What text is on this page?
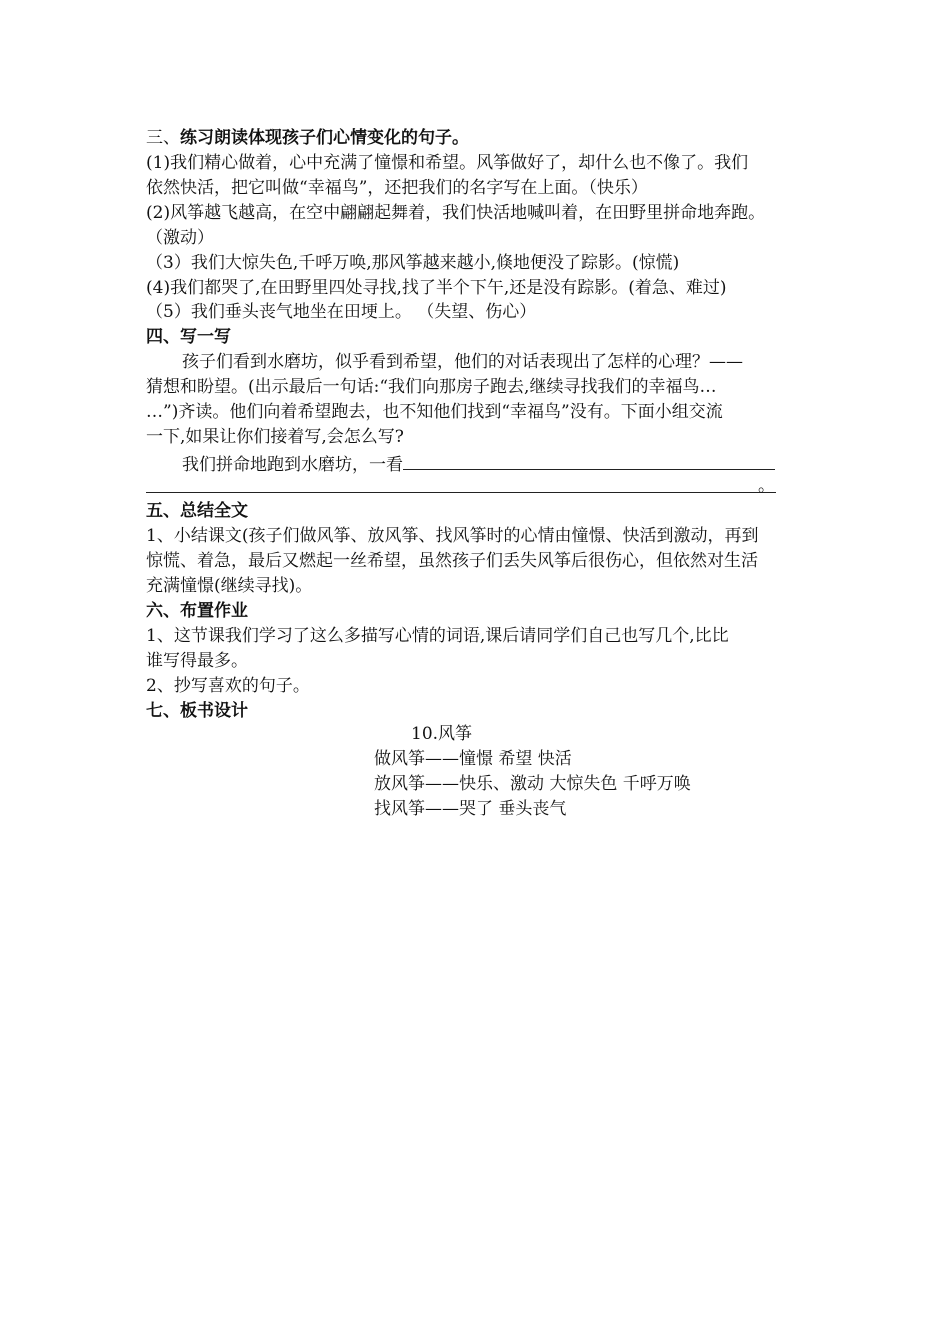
三、练习朗读体现孩子们心情变化的句子。
(1)我们精心做着，心中充满了憧憬和希望。风筝做好了，却什么也不像了。我们
依然快活，把它叫做“幸福鸟”，还把我们的名字写在上面。（快乐）
(2)风筝越飞越高，在空中翩翩起舞着，我们快活地喊叫着，在田野里拼命地奔跑。
（激动）
（3）我们大惊失色,千呼万唤,那风筝越来越小,倏地便没了踪影。(惊慌)
(4)我们都哭了,在田野里四处寻找,找了半个下午,还是没有踪影。(着急、难过)
（5）我们垂头丧气地坐在田埂上。 （失望、伤心）
四、写一写
孩子们看到水磨坊，似乎看到希望，他们的对话表现出了怎样的心理？——
猜想和盼望。(出示最后一句话:“我们向那房子跑去,继续寻找我们的幸福鸟…
…”)齐读。他们向着希望跑去，也不知他们找到“幸福鸟”没有。下面小组交流
一下,如果让你们接着写,会怎么写?
我们拼命地跑到水磨坊，一看
。
五、总结全文
1、小结课文(孩子们做风筝、放风筝、找风筝时的心情由憧憬、快活到激动，再到
惊慌、着急，最后又燃起一丝希望，虽然孩子们丢失风筝后很伤心，但依然对生活
充满憧憬(继续寻找)。
六、布置作业
1、这节课我们学习了这么多描写心情的词语,课后请同学们自己也写几个,比比
谁写得最多。
2、抄写喜欢的句子。
七、板书设计
10.风筝
做风筝——憧憬 希望 快活
放风筝——快乐、激动 大惊失色 千呼万唤
找风筝——哭了 垂头丧气
